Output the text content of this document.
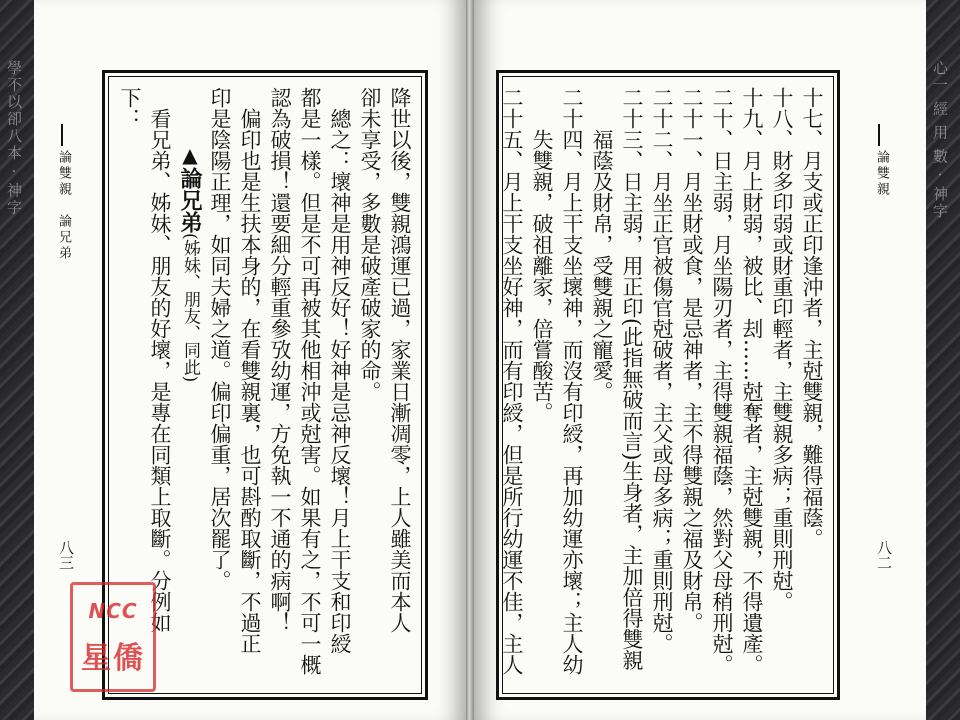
學不以卻八本 · 神字	心一 經 用 數 · 神字
論雙親　論兄弟
八三	降世以後，雙親鴻運已過，家業日漸凋零，上人雖美而本人
卻未享受，多數是破產破家的命。
總之：壞神是用神反好！好神是忌神反壞！月上干支和印綬
都是一樣。但是不可再被其他相沖或尅害。如果有之，不可一概
認為破損！還要細分輕重參攷幼運，方免執一不通的病啊！
偏印也是生扶本身的，在看雙親裏，也可斟酌取斷，不過正
印是陰陽正理，如同夫婦之道。偏印偏重，居次罷了。
▲論兄弟(姊妹、朋友、同此)
看兄弟、姊妹、朋友的好壞，是專在同類上取斷。分例如
下：
NCC
星僑
論雙親
八二
十七、月支或正印逢沖者，主尅雙親，難得福蔭。
十八、財多印弱或財重印輕者，主雙親多病；重則刑尅。
十九、月上財弱，被比、刦……尅奪者，主尅雙親，不得遺產。
二十、日主弱，月坐陽刃者，主得雙親福蔭，然對父母稍刑尅。
二十一、月坐財或食，是忌神者，主不得雙親之福及財帛。
二十二、月坐正官被傷官尅破者，主父或母多病；重則刑尅。
二十三、日主弱，用正印(此指無破而言)生身者，主加倍得雙親
福蔭及財帛，受雙親之寵愛。
二十四、月上干支坐壞神，而沒有印綬，再加幼運亦壞；主人幼
失雙親，破祖離家，倍嘗酸苦。
二十五、月上干支坐好神，而有印綬，但是所行幼運不佳，主人
